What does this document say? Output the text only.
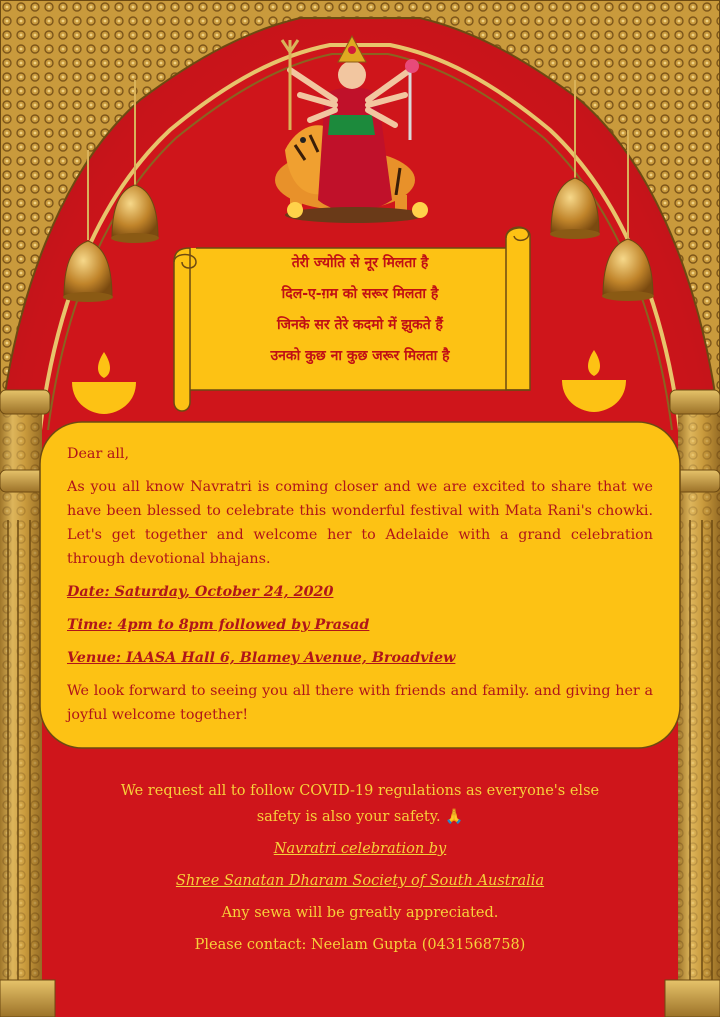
तेरी ज्योति से नूर मिलता है
दिल-ए-ग़म को सरूर मिलता है
जिनके सर तेरे कदमो में झुकते हैं
उनको कुछ ना कुछ जरूर मिलता है

Dear all,

As you all know Navratri is coming closer and we are excited to share that we have been blessed to celebrate this wonderful festival with Mata Rani's chowki. Let's get together and welcome her to Adelaide with a grand celebration through devotional bhajans.

Date: Saturday, October 24, 2020

Time: 4pm to 8pm followed by Prasad

Venue: IAASA Hall 6, Blamey Avenue, Broadview

We look forward to seeing you all there with friends and family. and giving her a joyful welcome together!

We request all to follow COVID-19 regulations as everyone's else
safety is also your safety. 🙏

Navratri celebration by

Shree Sanatan Dharam Society of South Australia

Any sewa will be greatly appreciated.

Please contact: Neelam Gupta (0431568758)
